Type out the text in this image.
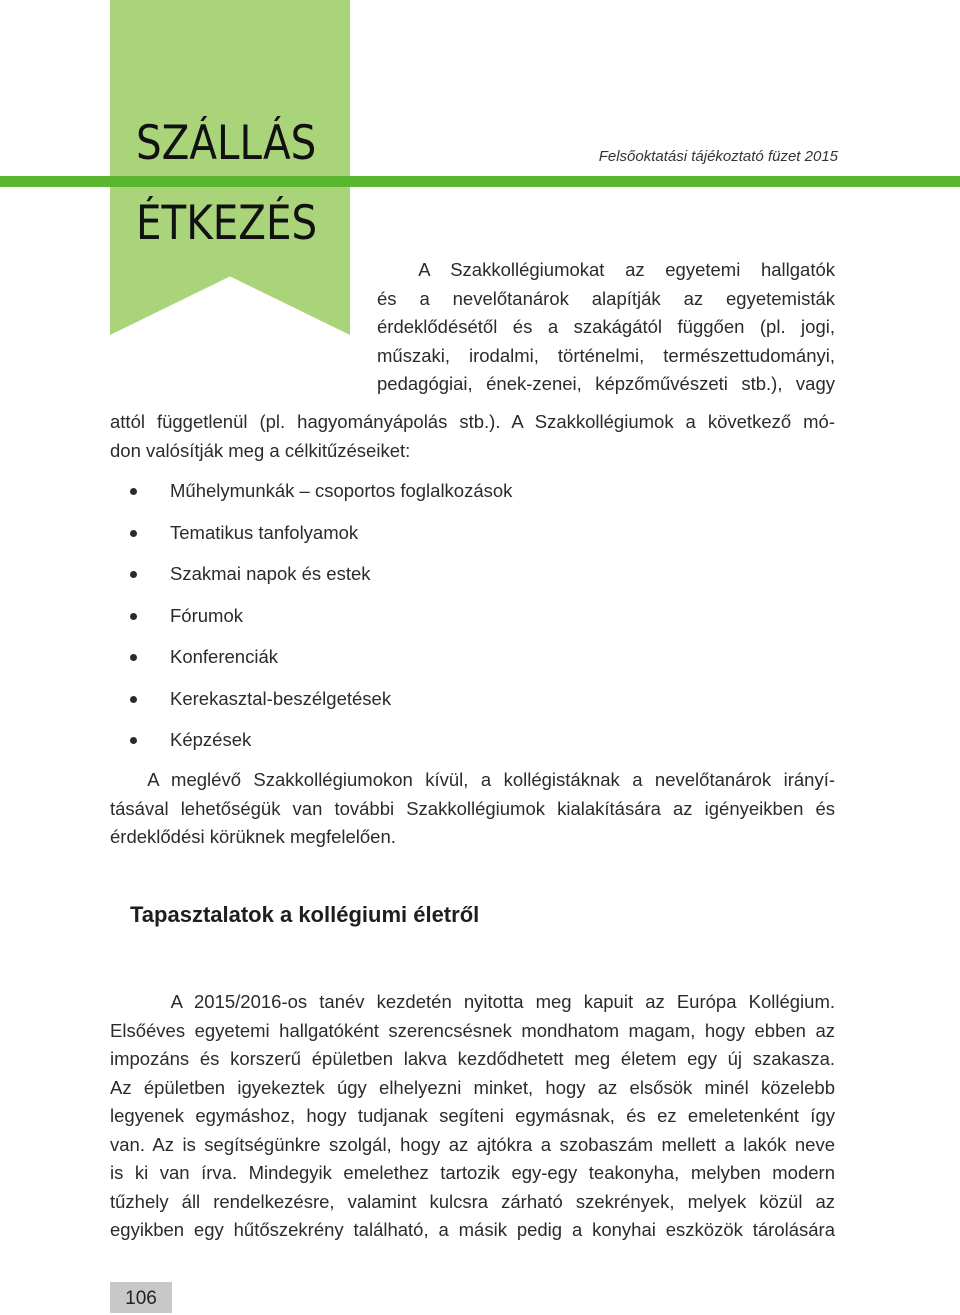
SZÁLLÁS
ÉTKEZÉS

Felsőoktatási tájékoztató füzet 2015

A Szakkollégiumokat az egyetemi hallgatók
és a nevelőtanárok alapítják az egyetemisták
érdeklődésétől és a szakágától függően (pl. jogi,
műszaki, irodalmi, történelmi, természettudományi,
pedagógiai, ének-zenei, képzőművészeti stb.), vagy
attól függetlenül (pl. hagyományápolás stb.). A Szakkollégiumok a következő mó-
don valósítják meg a célkitűzéseiket:
Műhelymunkák – csoportos foglalkozások
Tematikus tanfolyamok
Szakmai napok és estek
Fórumok
Konferenciák
Kerekasztal-beszélgetések
Képzések
A meglévő Szakkollégiumokon kívül, a kollégistáknak a nevelőtanárok irányí-
tásával lehetőségük van további Szakkollégiumok kialakítására az igényeikben és
érdeklődési körüknek megfelelően.
Tapasztalatok a kollégiumi életről
A 2015/2016-os tanév kezdetén nyitotta meg kapuit az Európa Kollégium.
Elsőéves egyetemi hallgatóként szerencsésnek mondhatom magam, hogy ebben az
impozáns és korszerű épületben lakva kezdődhetett meg életem egy új szakasza.
Az épületben igyekeztek úgy elhelyezni minket, hogy az elsősök minél közelebb
legyenek egymáshoz, hogy tudjanak segíteni egymásnak, és ez emeletenként így
van. Az is segítségünkre szolgál, hogy az ajtókra a szobaszám mellett a lakók neve
is ki van írva. Mindegyik emelethez tartozik egy-egy teakonyha, melyben modern
tűzhely áll rendelkezésre, valamint kulcsra zárható szekrények, melyek közül az
egyikben egy hűtőszekrény található, a másik pedig a konyhai eszközök tárolására
106
